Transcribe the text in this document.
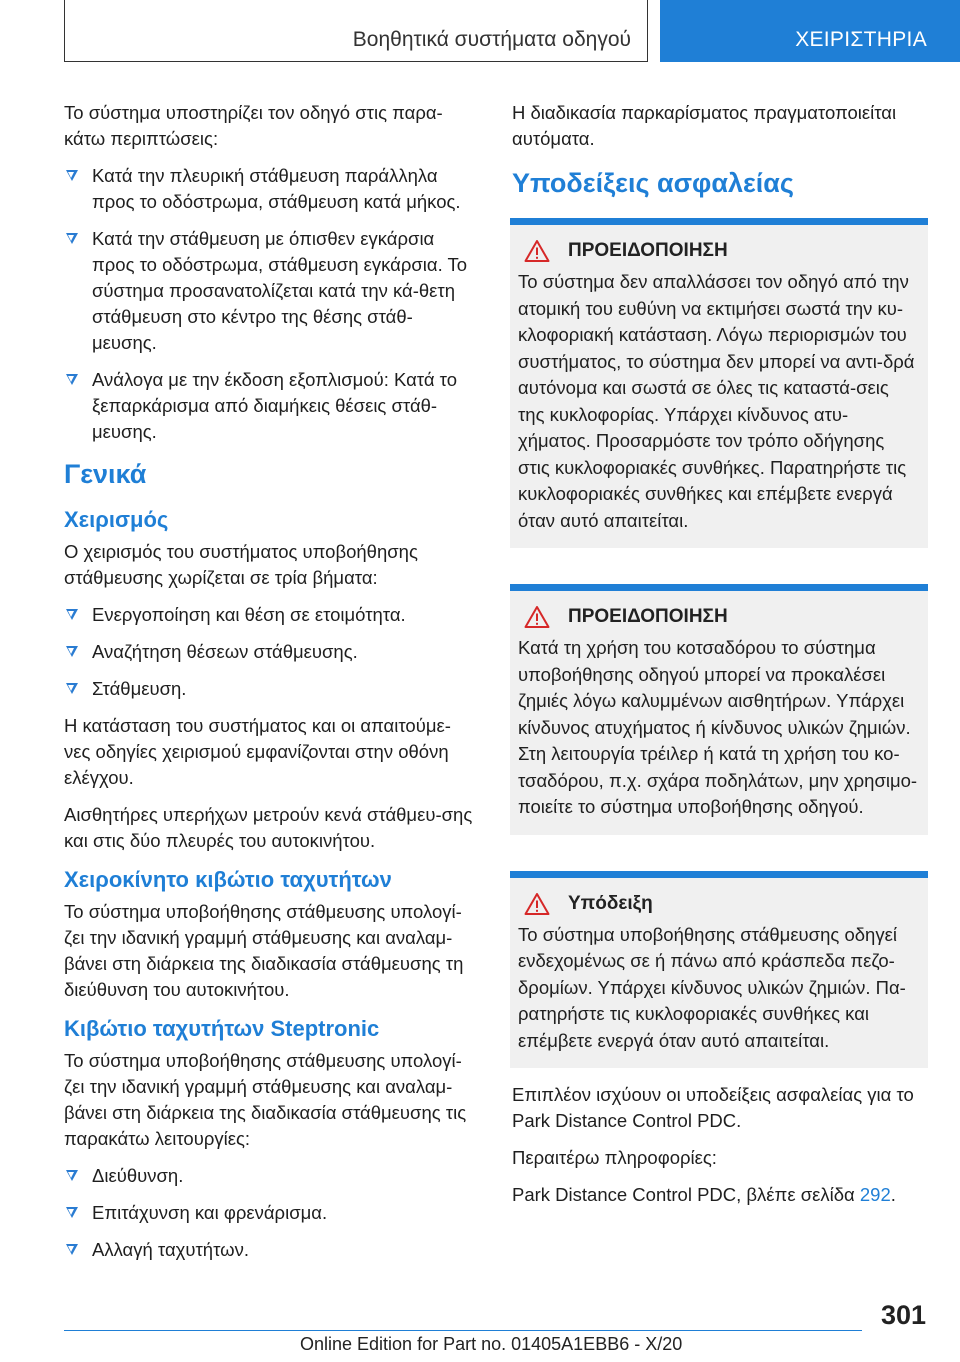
Βοηθητικά συστήματα οδηγού	ΧΕΙΡΙΣΤΗΡΙΑ

Το σύστημα υποστηρίζει τον οδηγό στις παρα-κάτω περιπτώσεις:

Κατά την πλευρική στάθμευση παράλληλα προς το οδόστρωμα, στάθμευση κατά μήκος.
Κατά την στάθμευση με όπισθεν εγκάρσια προς το οδόστρωμα, στάθμευση εγκάρσια. Το σύστημα προσανατολίζεται κατά την κά-θετη στάθμευση στο κέντρο της θέσης στάθ-μευσης.
Ανάλογα με την έκδοση εξοπλισμού: Κατά το ξεπαρκάρισμα από διαμήκεις θέσεις στάθ-μευσης.
Γενικά
Χειρισμός

Ο χειρισμός του συστήματος υποβοήθησης στάθμευσης χωρίζεται σε τρία βήματα:

Ενεργοποίηση και θέση σε ετοιμότητα.
Αναζήτηση θέσεων στάθμευσης.
Στάθμευση.

Η κατάσταση του συστήματος και οι απαιτούμε-νες οδηγίες χειρισμού εμφανίζονται στην οθόνη ελέγχου.

Αισθητήρες υπερήχων μετρούν κενά στάθμευ-σης και στις δύο πλευρές του αυτοκινήτου.

Χειροκίνητο κιβώτιο ταχυτήτων

Το σύστημα υποβοήθησης στάθμευσης υπολογί-ζει την ιδανική γραμμή στάθμευσης και αναλαμ-βάνει στη διάρκεια της διαδικασία στάθμευσης τη διεύθυνση του αυτοκινήτου.

Κιβώτιο ταχυτήτων Steptronic

Το σύστημα υποβοήθησης στάθμευσης υπολογί-ζει την ιδανική γραμμή στάθμευσης και αναλαμ-βάνει στη διάρκεια της διαδικασία στάθμευσης τις παρακάτω λειτουργίες:

Διεύθυνση.
Επιτάχυνση και φρενάρισμα.
Αλλαγή ταχυτήτων.

Η διαδικασία παρκαρίσματος πραγματοποιείται αυτόματα.

Υποδείξεις ασφαλείας
ΠΡΟΕΙΔΟΠΟΙΗΣΗ

Το σύστημα δεν απαλλάσσει τον οδηγό από την ατομική του ευθύνη να εκτιμήσει σωστά την κυ-κλοφοριακή κατάσταση. Λόγω περιορισμών του συστήματος, το σύστημα δεν μπορεί να αντι-δρά αυτόνομα και σωστά σε όλες τις καταστά-σεις της κυκλοφορίας. Υπάρχει κίνδυνος ατυ-χήματος. Προσαρμόστε τον τρόπο οδήγησης στις κυκλοφοριακές συνθήκες. Παρατηρήστε τις κυκλοφοριακές συνθήκες και επέμβετε ενεργά όταν αυτό απαιτείται.

ΠΡΟΕΙΔΟΠΟΙΗΣΗ

Κατά τη χρήση του κοτσαδόρου το σύστημα υποβοήθησης οδηγού μπορεί να προκαλέσει ζημιές λόγω καλυμμένων αισθητήρων. Υπάρχει κίνδυνος ατυχήματος ή κίνδυνος υλικών ζημιών. Στη λειτουργία τρέιλερ ή κατά τη χρήση του κο-τσαδόρου, π.χ. σχάρα ποδηλάτων, μην χρησιμο-ποιείτε το σύστημα υποβοήθησης οδηγού.

Υπόδειξη

Το σύστημα υποβοήθησης στάθμευσης οδηγεί ενδεχομένως σε ή πάνω από κράσπεδα πεζο-δρομίων. Υπάρχει κίνδυνος υλικών ζημιών. Πα-ρατηρήστε τις κυκλοφοριακές συνθήκες και επέμβετε ενεργά όταν αυτό απαιτείται.

Επιπλέον ισχύουν οι υποδείξεις ασφαλείας για το Park Distance Control PDC.

Περαιτέρω πληροφορίες:

Park Distance Control PDC, βλέπε σελίδα 292.

301
Online Edition for Part no. 01405A1EBB6 - X/20
